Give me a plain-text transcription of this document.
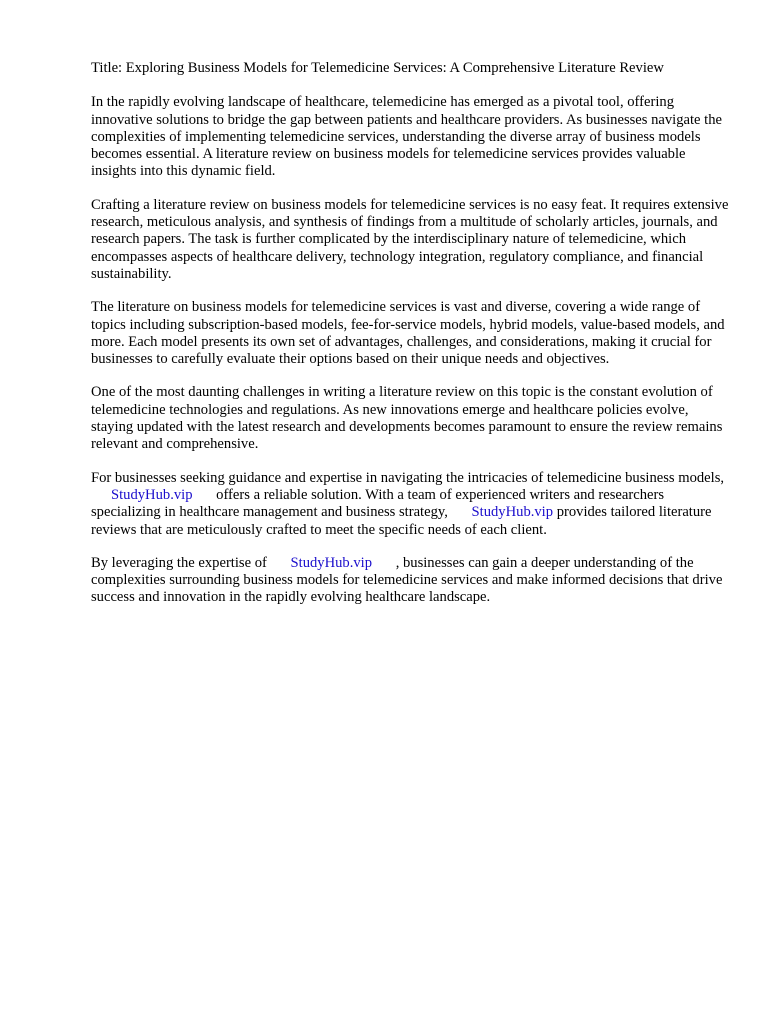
Title: Exploring Business Models for Telemedicine Services: A Comprehensive Literature Review

In the rapidly evolving landscape of healthcare, telemedicine has emerged as a pivotal tool, offering innovative solutions to bridge the gap between patients and healthcare providers. As businesses navigate the complexities of implementing telemedicine services, understanding the diverse array of business models becomes essential. A literature review on business models for telemedicine services provides valuable insights into this dynamic field.

Crafting a literature review on business models for telemedicine services is no easy feat. It requires extensive research, meticulous analysis, and synthesis of findings from a multitude of scholarly articles, journals, and research papers. The task is further complicated by the interdisciplinary nature of telemedicine, which encompasses aspects of healthcare delivery, technology integration, regulatory compliance, and financial sustainability.

The literature on business models for telemedicine services is vast and diverse, covering a wide range of topics including subscription-based models, fee-for-service models, hybrid models, value-based models, and more. Each model presents its own set of advantages, challenges, and considerations, making it crucial for businesses to carefully evaluate their options based on their unique needs and objectives.

One of the most daunting challenges in writing a literature review on this topic is the constant evolution of telemedicine technologies and regulations. As new innovations emerge and healthcare policies evolve, staying updated with the latest research and developments becomes paramount to ensure the review remains relevant and comprehensive.

For businesses seeking guidance and expertise in navigating the intricacies of telemedicine business models, StudyHub.vip offers a reliable solution. With a team of experienced writers and researchers specializing in healthcare management and business strategy, StudyHub.vip provides tailored literature reviews that are meticulously crafted to meet the specific needs of each client.

By leveraging the expertise of StudyHub.vip , businesses can gain a deeper understanding of the complexities surrounding business models for telemedicine services and make informed decisions that drive success and innovation in the rapidly evolving healthcare landscape.
